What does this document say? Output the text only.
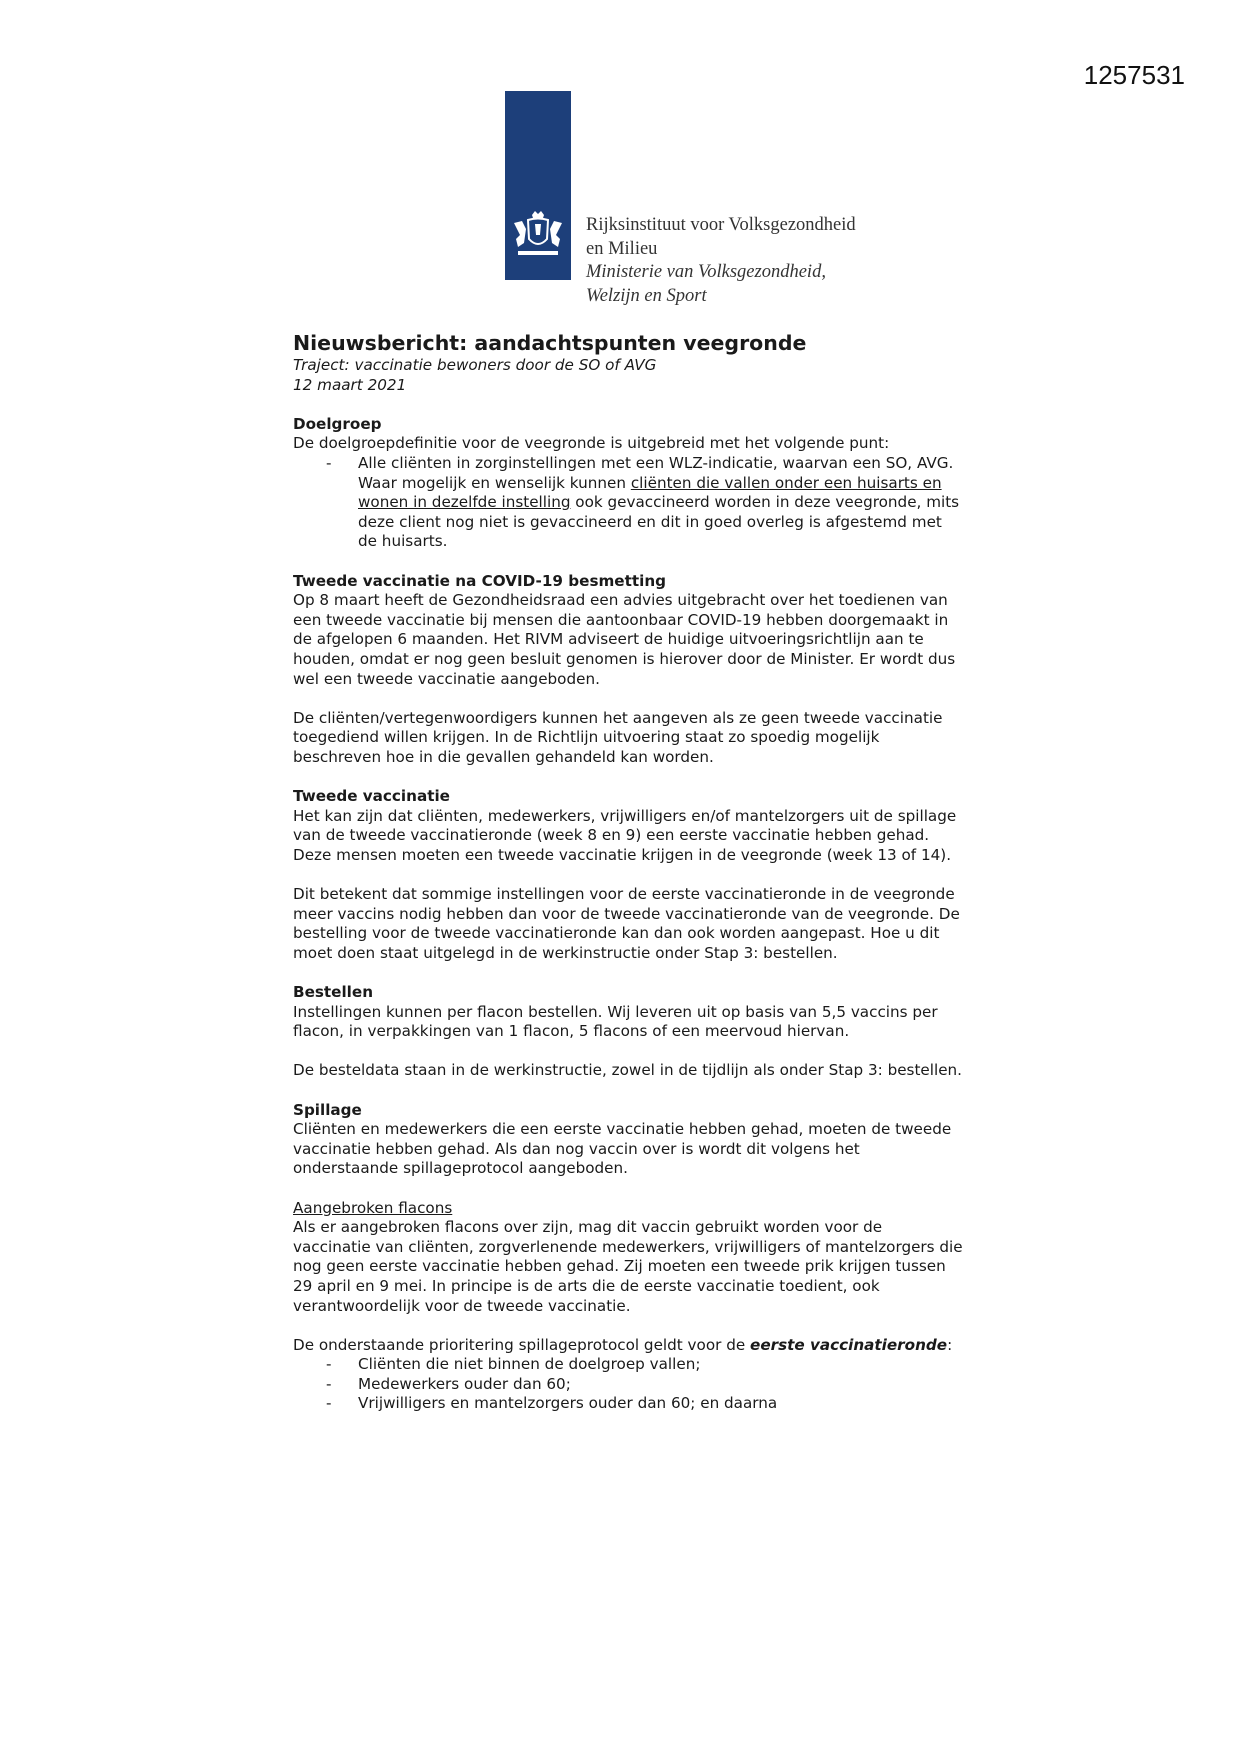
1257531
Rijksinstituut voor Volksgezondheid
en Milieu
Ministerie van Volksgezondheid,
Welzijn en Sport
Nieuwsbericht: aandachtspunten veegronde

Traject: vaccinatie bewoners door de SO of AVG

12 maart 2021

Doelgroep

De doelgroepdefinitie voor de veegronde is uitgebreid met het volgende punt:

- Alle cliënten in zorginstellingen met een WLZ-indicatie, waarvan een SO, AVG. Waar mogelijk en wenselijk kunnen cliënten die vallen onder een huisarts en wonen in dezelfde instelling ook gevaccineerd worden in deze veegronde, mits deze client nog niet is gevaccineerd en dit in goed overleg is afgestemd met de huisarts.

Tweede vaccinatie na COVID-19 besmetting

Op 8 maart heeft de Gezondheidsraad een advies uitgebracht over het toedienen van een tweede vaccinatie bij mensen die aantoonbaar COVID-19 hebben doorgemaakt in de afgelopen 6 maanden. Het RIVM adviseert de huidige uitvoeringsrichtlijn aan te houden, omdat er nog geen besluit genomen is hierover door de Minister. Er wordt dus wel een tweede vaccinatie aangeboden.

De cliënten/vertegenwoordigers kunnen het aangeven als ze geen tweede vaccinatie toegediend willen krijgen. In de Richtlijn uitvoering staat zo spoedig mogelijk beschreven hoe in die gevallen gehandeld kan worden.

Tweede vaccinatie

Het kan zijn dat cliënten, medewerkers, vrijwilligers en/of mantelzorgers uit de spillage van de tweede vaccinatieronde (week 8 en 9) een eerste vaccinatie hebben gehad. Deze mensen moeten een tweede vaccinatie krijgen in de veegronde (week 13 of 14).

Dit betekent dat sommige instellingen voor de eerste vaccinatieronde in de veegronde meer vaccins nodig hebben dan voor de tweede vaccinatieronde van de veegronde. De bestelling voor de tweede vaccinatieronde kan dan ook worden aangepast. Hoe u dit moet doen staat uitgelegd in de werkinstructie onder Stap 3: bestellen.

Bestellen

Instellingen kunnen per flacon bestellen. Wij leveren uit op basis van 5,5 vaccins per flacon, in verpakkingen van 1 flacon, 5 flacons of een meervoud hiervan.

De besteldata staan in de werkinstructie, zowel in de tijdlijn als onder Stap 3: bestellen.

Spillage

Cliënten en medewerkers die een eerste vaccinatie hebben gehad, moeten de tweede vaccinatie hebben gehad. Als dan nog vaccin over is wordt dit volgens het onderstaande spillageprotocol aangeboden.

Aangebroken flacons

Als er aangebroken flacons over zijn, mag dit vaccin gebruikt worden voor de vaccinatie van cliënten, zorgverlenende medewerkers, vrijwilligers of mantelzorgers die nog geen eerste vaccinatie hebben gehad. Zij moeten een tweede prik krijgen tussen 29 april en 9 mei. In principe is de arts die de eerste vaccinatie toedient, ook verantwoordelijk voor de tweede vaccinatie.

De onderstaande prioritering spillageprotocol geldt voor de eerste vaccinatieronde:

- Cliënten die niet binnen de doelgroep vallen;
- Medewerkers ouder dan 60;
- Vrijwilligers en mantelzorgers ouder dan 60; en daarna
